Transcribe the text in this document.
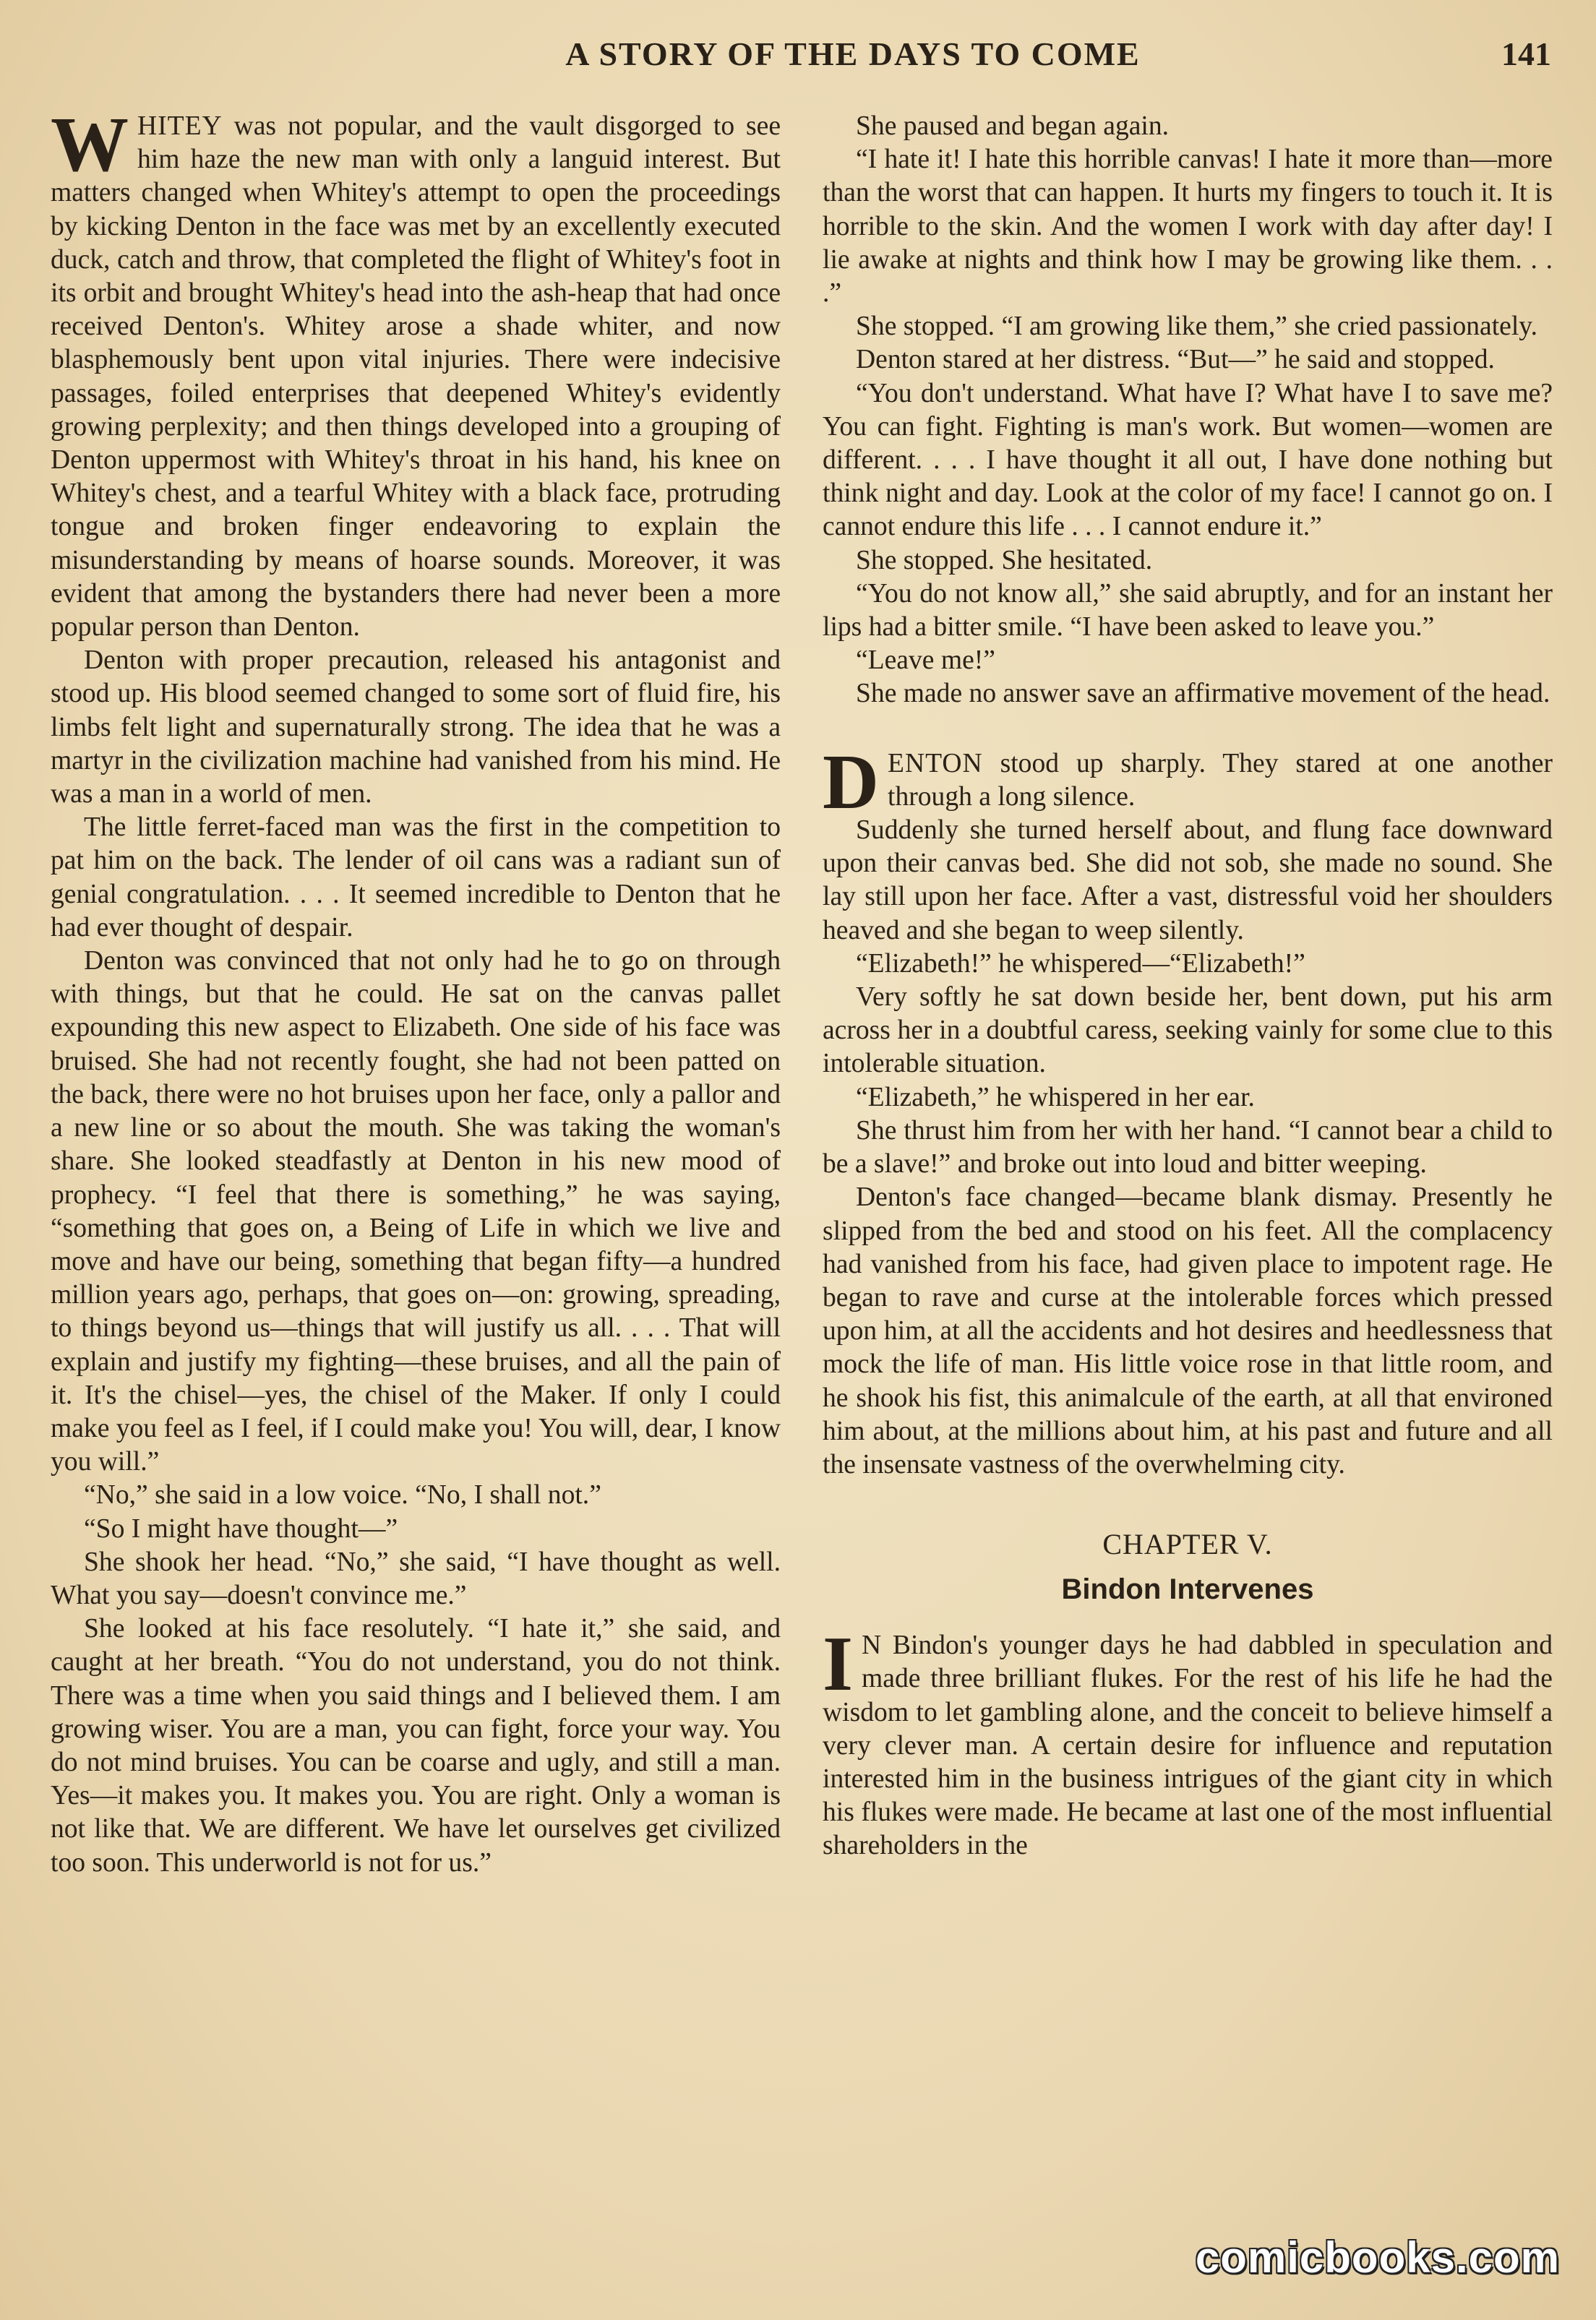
A STORY OF THE DAYS TO COME	141

WHITEY was not popular, and the vault disgorged to see him haze the new man with only a languid interest. But matters changed when Whitey's attempt to open the proceedings by kicking Denton in the face was met by an excellently executed duck, catch and throw, that completed the flight of Whitey's foot in its orbit and brought Whitey's head into the ash-heap that had once received Denton's. Whitey arose a shade whiter, and now blasphemously bent upon vital injuries. There were indecisive passages, foiled enterprises that deepened Whitey's evidently growing perplexity; and then things developed into a grouping of Denton uppermost with Whitey's throat in his hand, his knee on Whitey's chest, and a tearful Whitey with a black face, protruding tongue and broken finger endeavoring to explain the misunderstanding by means of hoarse sounds. Moreover, it was evident that among the bystanders there had never been a more popular person than Denton.

Denton with proper precaution, released his antagonist and stood up. His blood seemed changed to some sort of fluid fire, his limbs felt light and supernaturally strong. The idea that he was a martyr in the civilization machine had vanished from his mind. He was a man in a world of men.

The little ferret-faced man was the first in the competition to pat him on the back. The lender of oil cans was a radiant sun of genial congratulation. . . . It seemed incredible to Denton that he had ever thought of despair.

Denton was convinced that not only had he to go on through with things, but that he could. He sat on the canvas pallet expounding this new aspect to Elizabeth. One side of his face was bruised. She had not recently fought, she had not been patted on the back, there were no hot bruises upon her face, only a pallor and a new line or so about the mouth. She was taking the woman's share. She looked steadfastly at Denton in his new mood of prophecy. “I feel that there is something,” he was saying, “something that goes on, a Being of Life in which we live and move and have our being, something that began fifty—a hundred million years ago, perhaps, that goes on—on: growing, spreading, to things beyond us—things that will justify us all. . . . That will explain and justify my fighting—these bruises, and all the pain of it. It's the chisel—yes, the chisel of the Maker. If only I could make you feel as I feel, if I could make you! You will, dear, I know you will.”

“No,” she said in a low voice. “No, I shall not.”

“So I might have thought—”

She shook her head. “No,” she said, “I have thought as well. What you say—doesn't convince me.”

She looked at his face resolutely. “I hate it,” she said, and caught at her breath. “You do not understand, you do not think. There was a time when you said things and I believed them. I am growing wiser. You are a man, you can fight, force your way. You do not mind bruises. You can be coarse and ugly, and still a man. Yes—it makes you. It makes you. You are right. Only a woman is not like that. We are different. We have let ourselves get civilized too soon. This underworld is not for us.”

She paused and began again.

“I hate it! I hate this horrible canvas! I hate it more than—more than the worst that can happen. It hurts my fingers to touch it. It is horrible to the skin. And the women I work with day after day! I lie awake at nights and think how I may be growing like them. . . .”

She stopped. “I am growing like them,” she cried passionately.

Denton stared at her distress. “But—” he said and stopped.

“You don't understand. What have I? What have I to save me? You can fight. Fighting is man's work. But women—women are different. . . . I have thought it all out, I have done nothing but think night and day. Look at the color of my face! I cannot go on. I cannot endure this life . . . I cannot endure it.”

She stopped. She hesitated.

“You do not know all,” she said abruptly, and for an instant her lips had a bitter smile. “I have been asked to leave you.”

“Leave me!”

She made no answer save an affirmative movement of the head.

DENTON stood up sharply. They stared at one another through a long silence.

Suddenly she turned herself about, and flung face downward upon their canvas bed. She did not sob, she made no sound. She lay still upon her face. After a vast, distressful void her shoulders heaved and she began to weep silently.

“Elizabeth!” he whispered—“Elizabeth!”

Very softly he sat down beside her, bent down, put his arm across her in a doubtful caress, seeking vainly for some clue to this intolerable situation.

“Elizabeth,” he whispered in her ear.

She thrust him from her with her hand. “I cannot bear a child to be a slave!” and broke out into loud and bitter weeping.

Denton's face changed—became blank dismay. Presently he slipped from the bed and stood on his feet. All the complacency had vanished from his face, had given place to impotent rage. He began to rave and curse at the intolerable forces which pressed upon him, at all the accidents and hot desires and heedlessness that mock the life of man. His little voice rose in that little room, and he shook his fist, this animalcule of the earth, at all that environed him about, at the millions about him, at his past and future and all the insensate vastness of the overwhelming city.

CHAPTER V.

Bindon Intervenes

I N Bindon's younger days he had dabbled in speculation and made three brilliant flukes. For the rest of his life he had the wisdom to let gambling alone, and the conceit to believe himself a very clever man. A certain desire for influence and reputation interested him in the business intrigues of the giant city in which his flukes were made. He became at last one of the most influential shareholders in the

comicbooks.com
